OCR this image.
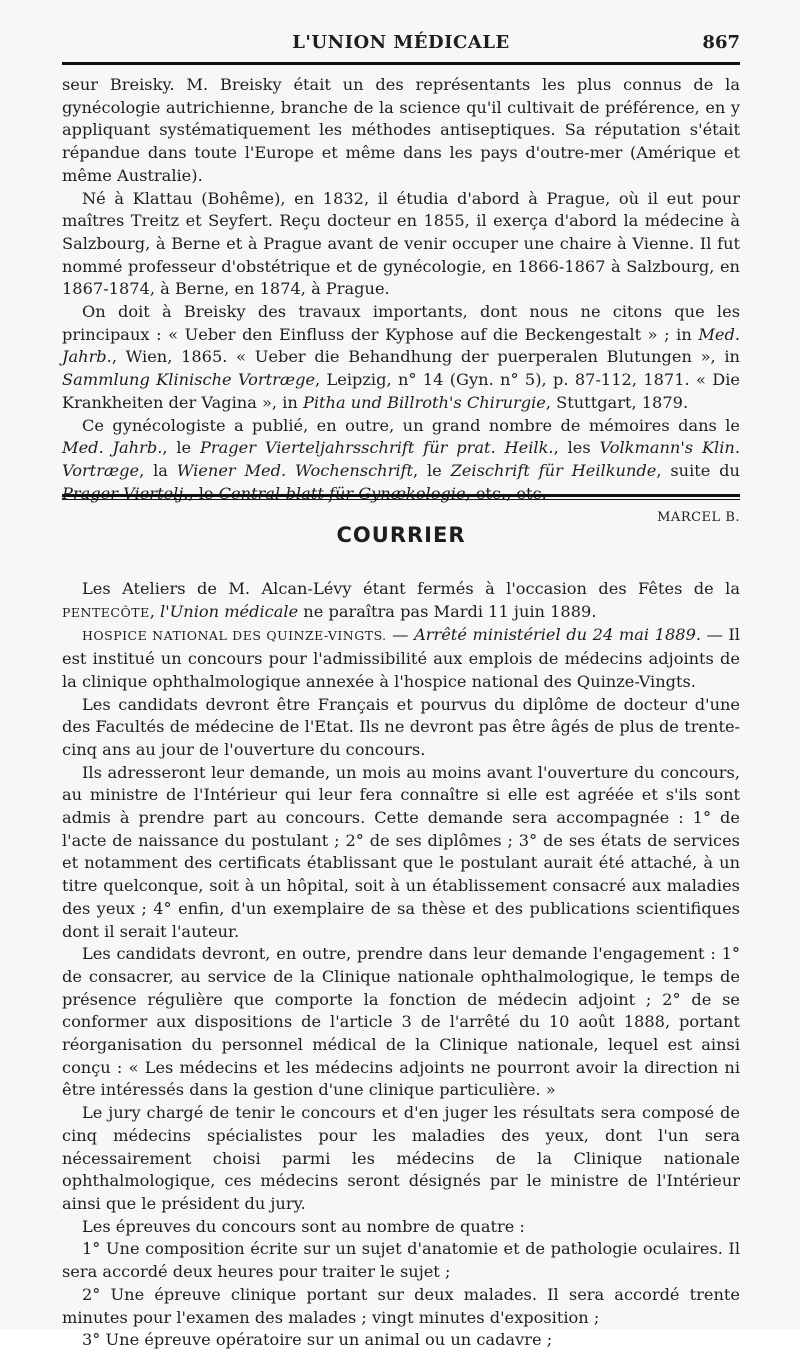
L'UNION MÉDICALE	867

seur Breisky. M. Breisky était un des représentants les plus connus de la gynécologie autrichienne, branche de la science qu'il cultivait de préférence, en y appliquant systématiquement les méthodes antiseptiques. Sa réputation s'était répandue dans toute l'Europe et même dans les pays d'outre-mer (Amérique et même Australie).

Né à Klattau (Bohême), en 1832, il étudia d'abord à Prague, où il eut pour maîtres Treitz et Seyfert. Reçu docteur en 1855, il exerça d'abord la médecine à Salzbourg, à Berne et à Prague avant de venir occuper une chaire à Vienne. Il fut nommé professeur d'obstétrique et de gynécologie, en 1866-1867 à Salzbourg, en 1867-1874, à Berne, en 1874, à Prague.

On doit à Breisky des travaux importants, dont nous ne citons que les principaux : « Ueber den Einfluss der Kyphose auf die Beckengestalt » ; in Med. Jahrb., Wien, 1865. « Ueber die Behandhung der puerperalen Blutungen », in Sammlung Klinische Vortræge, Leipzig, n° 14 (Gyn. n° 5), p. 87-112, 1871. « Die Krankheiten der Vagina », in Pitha und Billroth's Chirurgie, Stuttgart, 1879.

Ce gynécologiste a publié, en outre, un grand nombre de mémoires dans le Med. Jahrb., le Prager Vierteljahrsschrift für prat. Heilk., les Volkmann's Klin. Vortræge, la Wiener Med. Wochenschrift, le Zeischrift für Heilkunde, suite du

MARCEL B.

COURRIER

Les Ateliers de M. Alcan-Lévy étant fermés à l'occasion des Fêtes de la PENTECÔTE, l'Union médicale ne paraîtra pas Mardi 11 juin 1889.

HOSPICE NATIONAL DES QUINZE-VINGTS. — Arrêté ministériel du 24 mai 1889. — Il est institué un concours pour l'admissibilité aux emplois de médecins adjoints de la clinique ophthalmologique annexée à l'hospice national des Quinze-Vingts.

Les candidats devront être Français et pourvus du diplôme de docteur d'une des Facultés de médecine de l'Etat. Ils ne devront pas être âgés de plus de trente-cinq ans au jour de l'ouverture du concours.

Ils adresseront leur demande, un mois au moins avant l'ouverture du concours, au ministre de l'Intérieur qui leur fera connaître si elle est agréée et s'ils sont admis à prendre part au concours. Cette demande sera accompagnée : 1° de l'acte de naissance du postulant ; 2° de ses diplômes ; 3° de ses états de services et notamment des certificats établissant que le postulant aurait été attaché, à un titre quelconque, soit à un hôpital, soit à un établissement consacré aux maladies des yeux ; 4° enfin, d'un exemplaire de sa thèse et des publications scientifiques dont il serait l'auteur.

Les candidats devront, en outre, prendre dans leur demande l'engagement : 1° de consacrer, au service de la Clinique nationale ophthalmologique, le temps de présence régulière que comporte la fonction de médecin adjoint ; 2° de se conformer aux dispositions de l'article 3 de l'arrêté du 10 août 1888, portant réorganisation du personnel médical de la Clinique nationale, lequel est ainsi conçu : « Les médecins et les médecins adjoints ne pourront avoir la direction ni être intéressés dans la gestion d'une clinique particulière. »

Le jury chargé de tenir le concours et d'en juger les résultats sera composé de cinq médecins spécialistes pour les maladies des yeux, dont l'un sera nécessairement choisi parmi les médecins de la Clinique nationale ophthalmologique, ces médecins seront désignés par le ministre de l'Intérieur ainsi que le président du jury.

Les épreuves du concours sont au nombre de quatre :

1° Une composition écrite sur un sujet d'anatomie et de pathologie oculaires. Il sera accordé deux heures pour traiter le sujet ;

2° Une épreuve clinique portant sur deux malades. Il sera accordé trente minutes pour l'examen des malades ; vingt minutes d'exposition ;

3° Une épreuve opératoire sur un animal ou un cadavre ;
